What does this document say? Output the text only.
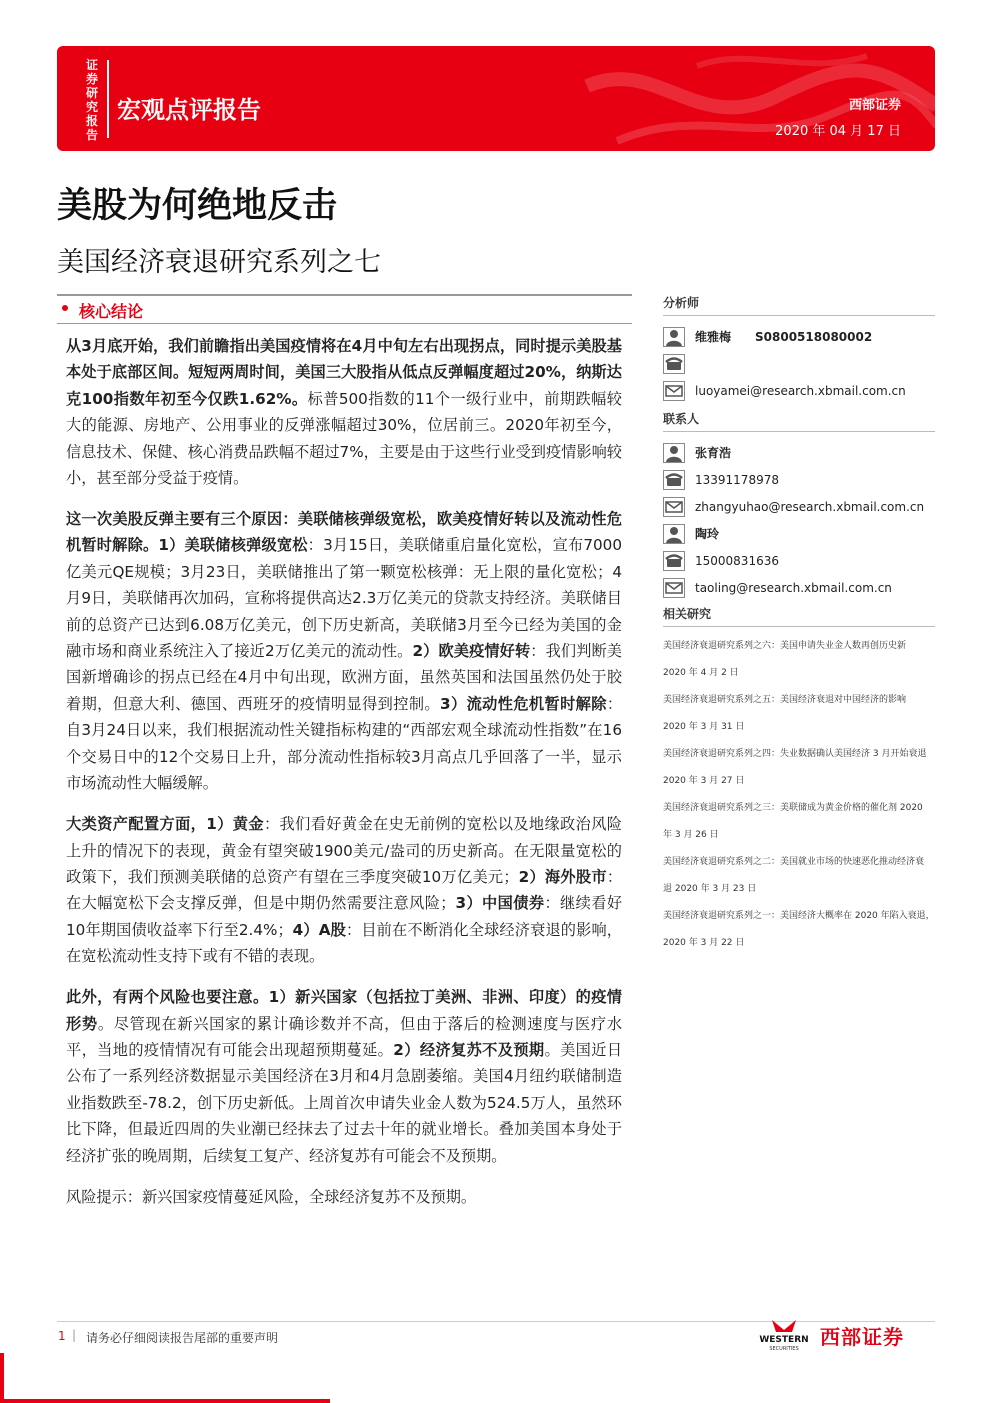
证券研究报告
宏观点评报告	西部证券
2020 年 04 月 17 日
美股为何绝地反击
美国经济衰退研究系列之七
核心结论

从3月底开始，我们前瞻指出美国疫情将在4月中旬左右出现拐点，同时提示美股基本处于底部区间。短短两周时间，美国三大股指从低点反弹幅度超过20%，纳斯达克100指数年初至今仅跌1.62%。标普500指数的11个一级行业中，前期跌幅较大的能源、房地产、公用事业的反弹涨幅超过30%，位居前三。2020年初至今，信息技术、保健、核心消费品跌幅不超过7%，主要是由于这些行业受到疫情影响较小，甚至部分受益于疫情。

这一次美股反弹主要有三个原因：美联储核弹级宽松，欧美疫情好转以及流动性危机暂时解除。1）美联储核弹级宽松：3月15日，美联储重启量化宽松，宣布7000亿美元QE规模；3月23日，美联储推出了第一颗宽松核弹：无上限的量化宽松；4月9日，美联储再次加码，宣称将提供高达2.3万亿美元的贷款支持经济。美联储目前的总资产已达到6.08万亿美元，创下历史新高，美联储3月至今已经为美国的金融市场和商业系统注入了接近2万亿美元的流动性。2）欧美疫情好转：我们判断美国新增确诊的拐点已经在4月中旬出现，欧洲方面，虽然英国和法国虽然仍处于胶着期，但意大利、德国、西班牙的疫情明显得到控制。3）流动性危机暂时解除：自3月24日以来，我们根据流动性关键指标构建的“西部宏观全球流动性指数”在16个交易日中的12个交易日上升，部分流动性指标较3月高点几乎回落了一半，显示市场流动性大幅缓解。

大类资产配置方面，1）黄金：我们看好黄金在史无前例的宽松以及地缘政治风险上升的情况下的表现，黄金有望突破1900美元/盎司的历史新高。在无限量宽松的政策下，我们预测美联储的总资产有望在三季度突破10万亿美元；2）海外股市：在大幅宽松下会支撑反弹，但是中期仍然需要注意风险；3）中国债券：继续看好10年期国债收益率下行至2.4%；4）A股：目前在不断消化全球经济衰退的影响，在宽松流动性支持下或有不错的表现。

此外，有两个风险也要注意。1）新兴国家（包括拉丁美洲、非洲、印度）的疫情形势。尽管现在新兴国家的累计确诊数并不高，但由于落后的检测速度与医疗水平，当地的疫情情况有可能会出现超预期蔓延。2）经济复苏不及预期。美国近日公布了一系列经济数据显示美国经济在3月和4月急剧萎缩。美国4月纽约联储制造业指数跌至-78.2，创下历史新低。上周首次申请失业金人数为524.5万人，虽然环比下降，但最近四周的失业潮已经抹去了过去十年的就业增长。叠加美国本身处于经济扩张的晚周期，后续复工复产、经济复苏有可能会不及预期。

风险提示：新兴国家疫情蔓延风险，全球经济复苏不及预期。

分析师
维雅梅 S0800518080002
luoyamei@research.xbmail.com.cn
联系人
张育浩
13391178978
zhangyuhao@research.xbmail.com.cn
陶玲
15000831636
taoling@research.xbmail.com.cn
相关研究
美国经济衰退研究系列之六：美国申请失业金人数再创历史新
2020 年 4 月 2 日
美国经济衰退研究系列之五：美国经济衰退对中国经济的影响
2020 年 3 月 31 日
美国经济衰退研究系列之四：失业数据确认美国经济 3 月开始衰退
2020 年 3 月 27 日
美国经济衰退研究系列之三：美联储成为黄金价格的催化剂 2020
年 3 月 26 日
美国经济衰退研究系列之二：美国就业市场的快速恶化推动经济衰
退 2020 年 3 月 23 日
美国经济衰退研究系列之一：美国经济大概率在 2020 年陷入衰退，
2020 年 3 月 22 日
1 | 请务必仔细阅读报告尾部的重要声明	WESTERN
SECURITIES 西部证券
